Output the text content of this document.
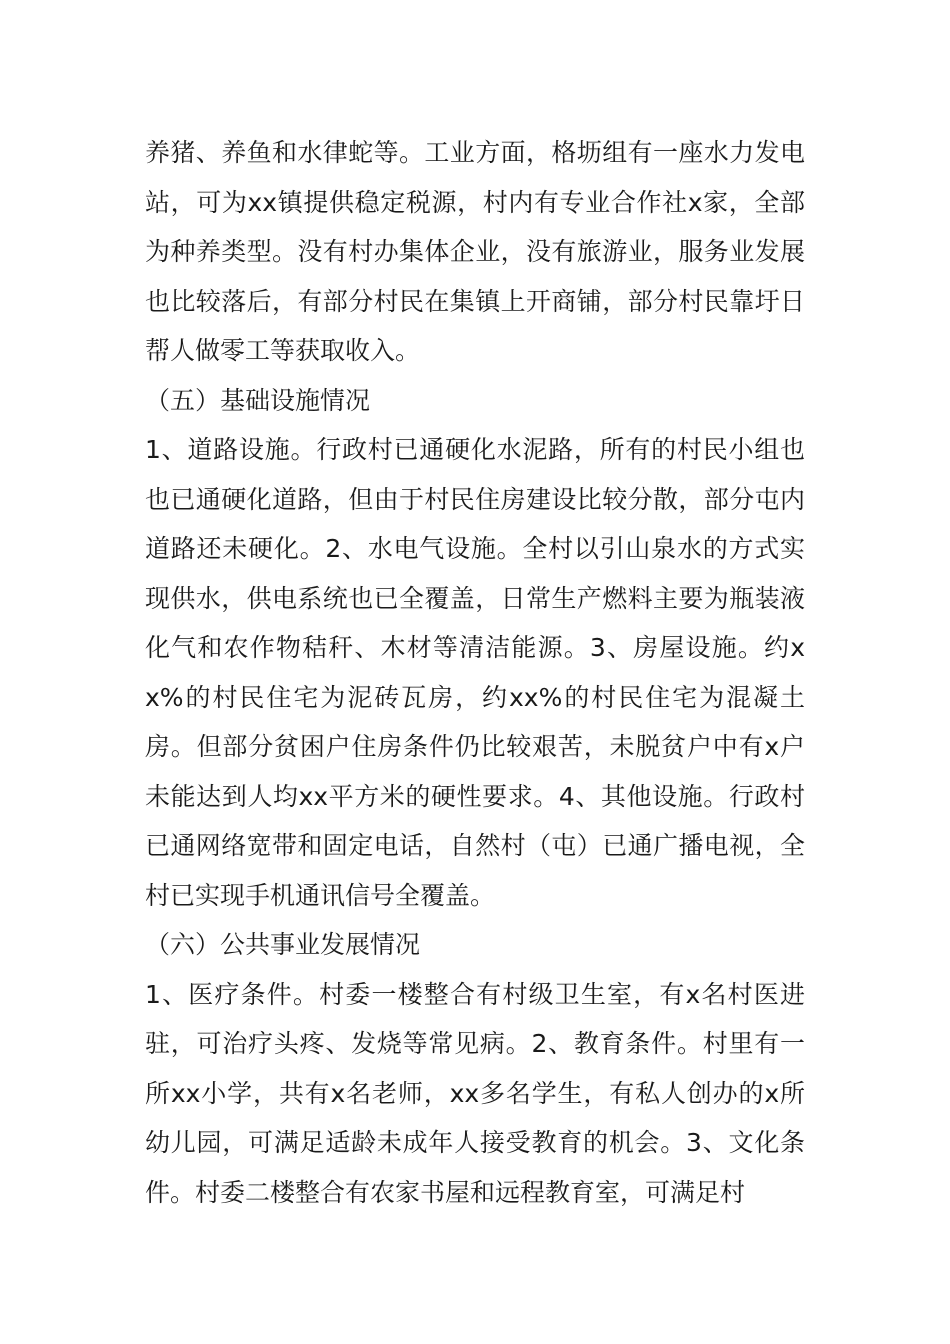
养猪、养鱼和水律蛇等。工业方面，格坜组有一座水力发电站，可为xx镇提供稳定税源，村内有专业合作社x家，全部为种养类型。没有村办集体企业，没有旅游业，服务业发展也比较落后，有部分村民在集镇上开商铺，部分村民靠圩日帮人做零工等获取收入。

（五）基础设施情况

1、道路设施。行政村已通硬化水泥路，所有的村民小组也也已通硬化道路，但由于村民住房建设比较分散，部分屯内道路还未硬化。2、水电气设施。全村以引山泉水的方式实现供水，供电系统也已全覆盖，日常生产燃料主要为瓶装液化气和农作物秸秆、木材等清洁能源。3、房屋设施。约xx%的村民住宅为泥砖瓦房，约xx%的村民住宅为混凝土房。但部分贫困户住房条件仍比较艰苦，未脱贫户中有x户未能达到人均xx平方米的硬性要求。4、其他设施。行政村已通网络宽带和固定电话，自然村（屯）已通广播电视，全村已实现手机通讯信号全覆盖。

（六）公共事业发展情况

1、医疗条件。村委一楼整合有村级卫生室，有x名村医进驻，可治疗头疼、发烧等常见病。2、教育条件。村里有一所xx小学，共有x名老师，xx多名学生，有私人创办的x所幼儿园，可满足适龄未成年人接受教育的机会。3、文化条件。村委二楼整合有农家书屋和远程教育室，可满足村
